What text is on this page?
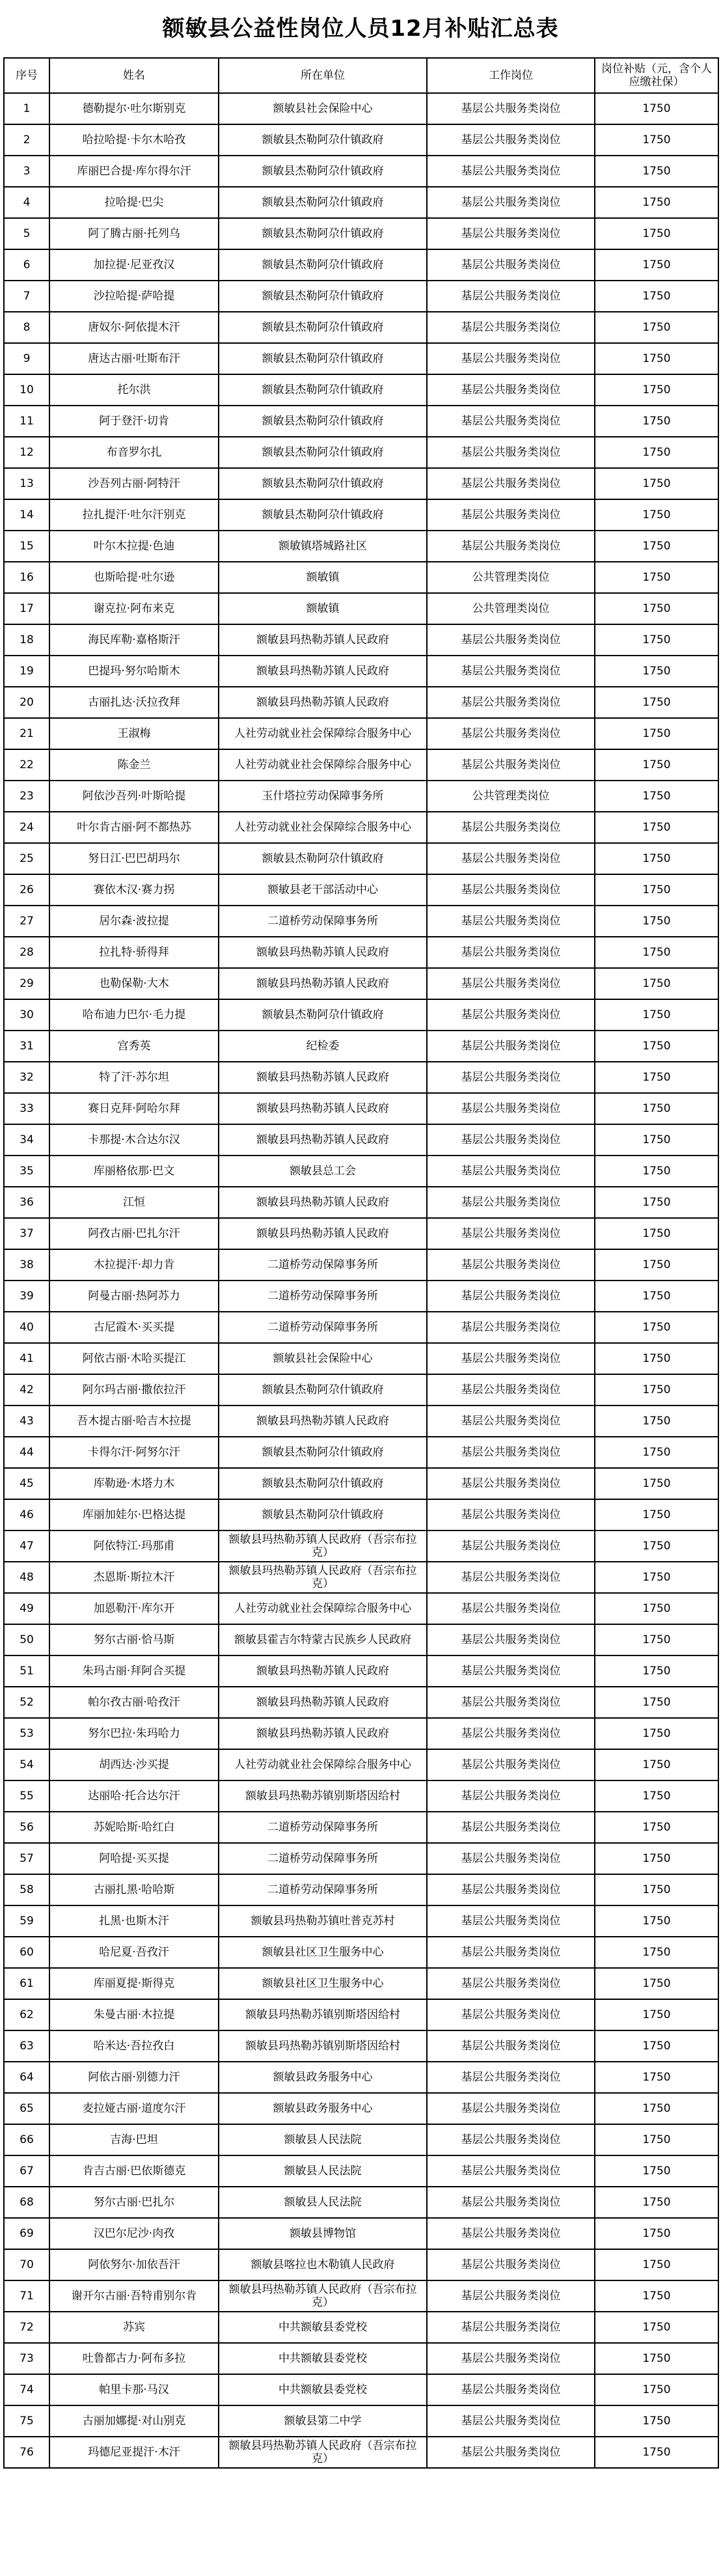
额敏县公益性岗位人员12月补贴汇总表
序号	姓名	所在单位	工作岗位	岗位补贴（元，含个人应缴社保）
1	德勒提尔·吐尔斯别克	额敏县社会保险中心	基层公共服务类岗位	1750
2	哈拉哈提·卡尔木哈孜	额敏县杰勒阿尕什镇政府	基层公共服务类岗位	1750
3	库丽巴合提·库尔得尔汗	额敏县杰勒阿尕什镇政府	基层公共服务类岗位	1750
4	拉哈提·巴尖	额敏县杰勒阿尕什镇政府	基层公共服务类岗位	1750
5	阿了腾古丽·托列乌	额敏县杰勒阿尕什镇政府	基层公共服务类岗位	1750
6	加拉提·尼亚孜汉	额敏县杰勒阿尕什镇政府	基层公共服务类岗位	1750
7	沙拉哈提·萨哈提	额敏县杰勒阿尕什镇政府	基层公共服务类岗位	1750
8	唐奴尔·阿依提木汗	额敏县杰勒阿尕什镇政府	基层公共服务类岗位	1750
9	唐达古丽·吐斯布汗	额敏县杰勒阿尕什镇政府	基层公共服务类岗位	1750
10	托尔洪	额敏县杰勒阿尕什镇政府	基层公共服务类岗位	1750
11	阿于登汗·切肯	额敏县杰勒阿尕什镇政府	基层公共服务类岗位	1750
12	布音罗尔扎	额敏县杰勒阿尕什镇政府	基层公共服务类岗位	1750
13	沙吾列古丽·阿特汗	额敏县杰勒阿尕什镇政府	基层公共服务类岗位	1750
14	拉扎提汗·吐尔汗别克	额敏县杰勒阿尕什镇政府	基层公共服务类岗位	1750
15	叶尔木拉提·色迪	额敏镇塔城路社区	基层公共服务类岗位	1750
16	也斯哈提·吐尔逊	额敏镇	公共管理类岗位	1750
17	谢克拉·阿布来克	额敏镇	公共管理类岗位	1750
18	海民库勒·嘉格斯汗	额敏县玛热勒苏镇人民政府	基层公共服务类岗位	1750
19	巴提玛·努尔哈斯木	额敏县玛热勒苏镇人民政府	基层公共服务类岗位	1750
20	古丽扎达·沃拉孜拜	额敏县玛热勒苏镇人民政府	基层公共服务类岗位	1750
21	王淑梅	人社劳动就业社会保障综合服务中心	基层公共服务类岗位	1750
22	陈金兰	人社劳动就业社会保障综合服务中心	基层公共服务类岗位	1750
23	阿依沙吾列·叶斯哈提	玉什塔拉劳动保障事务所	公共管理类岗位	1750
24	叶尔肯古丽·阿不都热苏	人社劳动就业社会保障综合服务中心	基层公共服务类岗位	1750
25	努日江·巴巴胡玛尔	额敏县杰勒阿尕什镇政府	基层公共服务类岗位	1750
26	赛依木汉·赛力拐	额敏县老干部活动中心	基层公共服务类岗位	1750
27	居尔森·波拉提	二道桥劳动保障事务所	基层公共服务类岗位	1750
28	拉扎特·骄得拜	额敏县玛热勒苏镇人民政府	基层公共服务类岗位	1750
29	也勒保勒·大木	额敏县玛热勒苏镇人民政府	基层公共服务类岗位	1750
30	哈布迪力巴尔·毛力提	额敏县杰勒阿尕什镇政府	基层公共服务类岗位	1750
31	宫秀英	纪检委	基层公共服务类岗位	1750
32	特了汗·苏尔坦	额敏县玛热勒苏镇人民政府	基层公共服务类岗位	1750
33	赛日克拜·阿哈尔拜	额敏县玛热勒苏镇人民政府	基层公共服务类岗位	1750
34	卡那提·木合达尔汉	额敏县玛热勒苏镇人民政府	基层公共服务类岗位	1750
35	库丽格依那·巴文	额敏县总工会	基层公共服务类岗位	1750
36	江恒	额敏县玛热勒苏镇人民政府	基层公共服务类岗位	1750
37	阿孜古丽·巴扎尔汗	额敏县玛热勒苏镇人民政府	基层公共服务类岗位	1750
38	木拉提汗·却力肯	二道桥劳动保障事务所	基层公共服务类岗位	1750
39	阿曼古丽·热阿苏力	二道桥劳动保障事务所	基层公共服务类岗位	1750
40	古尼霞木·买买提	二道桥劳动保障事务所	基层公共服务类岗位	1750
41	阿依古丽·木哈买提江	额敏县社会保险中心	基层公共服务类岗位	1750
42	阿尔玛古丽·撒依拉汗	额敏县杰勒阿尕什镇政府	基层公共服务类岗位	1750
43	吾木提古丽·哈吉木拉提	额敏县玛热勒苏镇人民政府	基层公共服务类岗位	1750
44	卡得尔汗·阿努尔汗	额敏县杰勒阿尕什镇政府	基层公共服务类岗位	1750
45	库勒逊·木塔力木	额敏县杰勒阿尕什镇政府	基层公共服务类岗位	1750
46	库丽加娃尔·巴格达提	额敏县杰勒阿尕什镇政府	基层公共服务类岗位	1750
47	阿依特江·玛那甫	额敏县玛热勒苏镇人民政府（吾宗布拉克）	基层公共服务类岗位	1750
48	杰恩斯·斯拉木汗	额敏县玛热勒苏镇人民政府（吾宗布拉克）	基层公共服务类岗位	1750
49	加恩勒汗·库尔开	人社劳动就业社会保障综合服务中心	基层公共服务类岗位	1750
50	努尔古丽·恰马斯	额敏县霍吉尔特蒙古民族乡人民政府	基层公共服务类岗位	1750
51	朱玛古丽·拜阿合买提	额敏县玛热勒苏镇人民政府	基层公共服务类岗位	1750
52	帕尔孜古丽·哈孜汗	额敏县玛热勒苏镇人民政府	基层公共服务类岗位	1750
53	努尔巴拉·朱玛哈力	额敏县玛热勒苏镇人民政府	基层公共服务类岗位	1750
54	胡西达·沙买提	人社劳动就业社会保障综合服务中心	基层公共服务类岗位	1750
55	达丽哈·托合达尔汗	额敏县玛热勒苏镇别斯塔因给村	基层公共服务类岗位	1750
56	苏妮哈斯·哈红白	二道桥劳动保障事务所	基层公共服务类岗位	1750
57	阿哈提·买买提	二道桥劳动保障事务所	基层公共服务类岗位	1750
58	古丽扎黑·哈哈斯	二道桥劳动保障事务所	基层公共服务类岗位	1750
59	扎黑·也斯木汗	额敏县玛热勒苏镇吐普克苏村	基层公共服务类岗位	1750
60	哈尼夏·吾孜汗	额敏县社区卫生服务中心	基层公共服务类岗位	1750
61	库丽夏提·斯得克	额敏县社区卫生服务中心	基层公共服务类岗位	1750
62	朱曼古丽·木拉提	额敏县玛热勒苏镇别斯塔因给村	基层公共服务类岗位	1750
63	哈米达·吾拉孜白	额敏县玛热勒苏镇别斯塔因给村	基层公共服务类岗位	1750
64	阿依古丽·别德力汗	额敏县政务服务中心	基层公共服务类岗位	1750
65	麦拉娅古丽·道度尔汗	额敏县政务服务中心	基层公共服务类岗位	1750
66	吉海·巴坦	额敏县人民法院	基层公共服务类岗位	1750
67	肯吉古丽·巴依斯德克	额敏县人民法院	基层公共服务类岗位	1750
68	努尔古丽·巴扎尔	额敏县人民法院	基层公共服务类岗位	1750
69	汉巴尔尼沙·肉孜	额敏县博物馆	基层公共服务类岗位	1750
70	阿依努尔·加依吾汗	额敏县喀拉也木勒镇人民政府	基层公共服务类岗位	1750
71	谢开尔古丽·吾特甫别尔肯	额敏县玛热勒苏镇人民政府（吾宗布拉克）	基层公共服务类岗位	1750
72	苏宾	中共额敏县委党校	基层公共服务类岗位	1750
73	吐鲁都古力·阿布多拉	中共额敏县委党校	基层公共服务类岗位	1750
74	帕里卡那·马汉	中共额敏县委党校	基层公共服务类岗位	1750
75	古丽加娜提·对山别克	额敏县第二中学	基层公共服务类岗位	1750
76	玛德尼亚提汗·木汗	额敏县玛热勒苏镇人民政府（吾宗布拉克）	基层公共服务类岗位	1750
